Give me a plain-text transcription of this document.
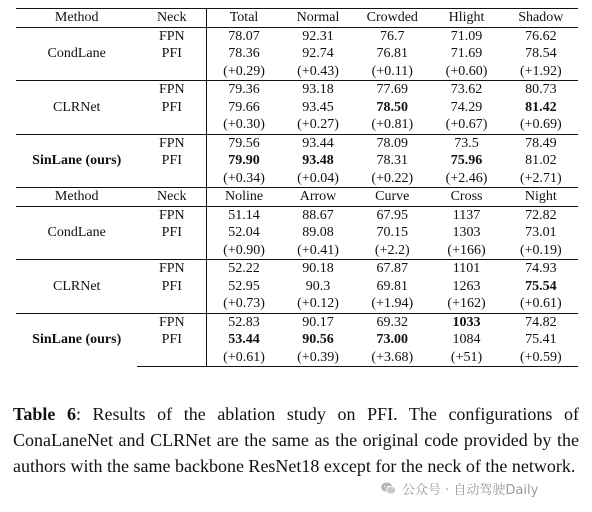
Method	Neck	Total	Normal	Crowded	Hlight	Shadow
CondLane	FPN	78.07	92.31	76.7	71.09	76.62
	PFI	78.36	92.74	76.81	71.69	78.54
		(+0.29)	(+0.43)	(+0.11)	(+0.60)	(+1.92)
CLRNet	FPN	79.36	93.18	77.69	73.62	80.73
	PFI	79.66	93.45	78.50	74.29	81.42
		(+0.30)	(+0.27)	(+0.81)	(+0.67)	(+0.69)
SinLane (ours)	FPN	79.56	93.44	78.09	73.5	78.49
	PFI	79.90	93.48	78.31	75.96	81.02
		(+0.34)	(+0.04)	(+0.22)	(+2.46)	(+2.71)
Method	Neck	Noline	Arrow	Curve	Cross	Night
CondLane	FPN	51.14	88.67	67.95	1137	72.82
	PFI	52.04	89.08	70.15	1303	73.01
		(+0.90)	(+0.41)	(+2.2)	(+166)	(+0.19)
CLRNet	FPN	52.22	90.18	67.87	1101	74.93
	PFI	52.95	90.3	69.81	1263	75.54
		(+0.73)	(+0.12)	(+1.94)	(+162)	(+0.61)
SinLane (ours)	FPN	52.83	90.17	69.32	1033	74.82
	PFI	53.44	90.56	73.00	1084	75.41
		(+0.61)	(+0.39)	(+3.68)	(+51)	(+0.59)
Table 6: Results of the ablation study on PFI. The configurations of ConaLaneNet and CLRNet are the same as the original code provided by the authors with the same backbone ResNet18 except for the neck of the network.
公众号 · 自动驾驶Daily
